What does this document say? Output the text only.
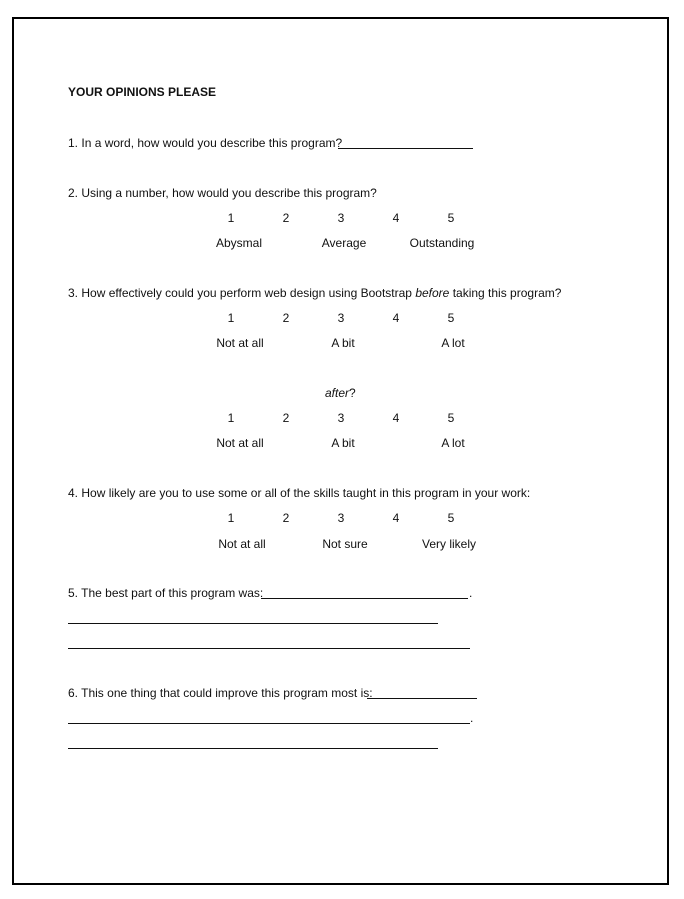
YOUR OPINIONS PLEASE
1. In a word, how would you describe this program?
2. Using a number, how would you describe this program?
1	2	3	4	5
Abysmal	Average	Outstanding
3. How effectively could you perform web design using Bootstrap before taking this program?
1	2	3	4	5
Not at all	A bit	A lot
after?
1	2	3	4	5
Not at all	A bit	A lot
4. How likely are you to use some or all of the skills taught in this program in your work:
1	2	3	4	5
Not at all	Not sure	Very likely
5. The best part of this program was:	.
6. This one thing that could improve this program most is:
.
